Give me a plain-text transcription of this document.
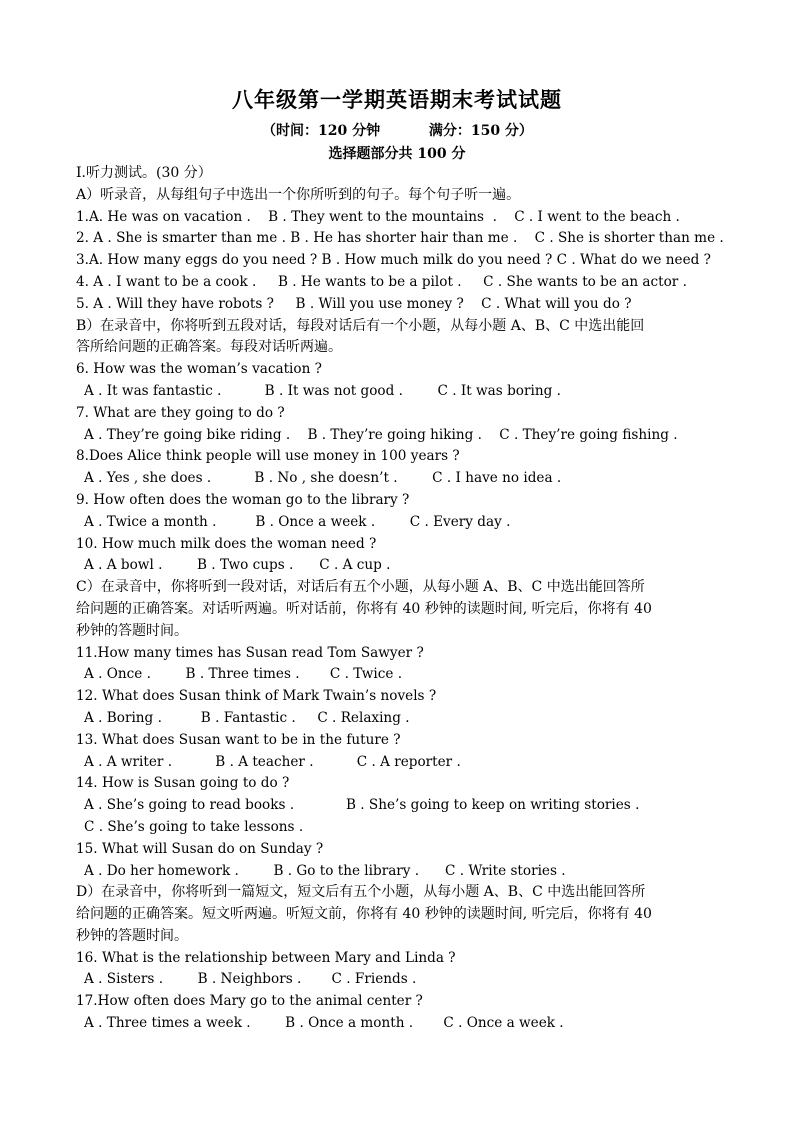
八年级第一学期英语期末考试试题
（时间：120 分钟          满分：150 分）
选择题部分共 100 分
I.听力测试。(30 分）
A）听录音，从每组句子中选出一个你所听到的句子。每个句子听一遍。
1.A. He was on vacation .    B . They went to the mountains  .    C . I went to the beach .
2. A . She is smarter than me . B . He has shorter hair than me .    C . She is shorter than me .
3.A. How many eggs do you need ? B . How much milk do you need ? C . What do we need ?
4. A . I want to be a cook .     B . He wants to be a pilot .     C . She wants to be an actor .
5. A . Will they have robots ?     B . Will you use money ?    C . What will you do ?
B）在录音中，你将听到五段对话，每段对话后有一个小题，从每小题 A、B、C 中选出能回
答所给问题的正确答案。每段对话听两遍。
6. How was the woman’s vacation ?
A . It was fantastic .          B . It was not good .        C . It was boring .
7. What are they going to do ?
A . They’re going bike riding .    B . They’re going hiking .    C . They’re going fishing .
8.Does Alice think people will use money in 100 years ?
A . Yes , she does .          B . No , she doesn’t .        C . I have no idea .
9. How often does the woman go to the library ?
A . Twice a month .         B . Once a week .        C . Every day .
10. How much milk does the woman need ?
A . A bowl .        B . Two cups .      C . A cup .
C）在录音中，你将听到一段对话，对话后有五个小题，从每小题 A、B、C 中选出能回答所
给问题的正确答案。对话听两遍。听对话前，你将有 40 秒钟的读题时间, 听完后，你将有 40
秒钟的答题时间。
11.How many times has Susan read Tom Sawyer ?
A . Once .        B . Three times .       C . Twice .
12. What does Susan think of Mark Twain’s novels ?
A . Boring .         B . Fantastic .     C . Relaxing .
13. What does Susan want to be in the future ?
A . A writer .          B . A teacher .          C . A reporter .
14. How is Susan going to do ?
A . She’s going to read books .            B . She’s going to keep on writing stories .
C . She’s going to take lessons .
15. What will Susan do on Sunday ?
A . Do her homework .        B . Go to the library .      C . Write stories .
D）在录音中，你将听到一篇短文，短文后有五个小题，从每小题 A、B、C 中选出能回答所
给问题的正确答案。短文听两遍。听短文前，你将有 40 秒钟的读题时间, 听完后，你将有 40
秒钟的答题时间。
16. What is the relationship between Mary and Linda ?
A . Sisters .        B . Neighbors .       C . Friends .
17.How often does Mary go to the animal center ?
A . Three times a week .        B . Once a month .       C . Once a week .
